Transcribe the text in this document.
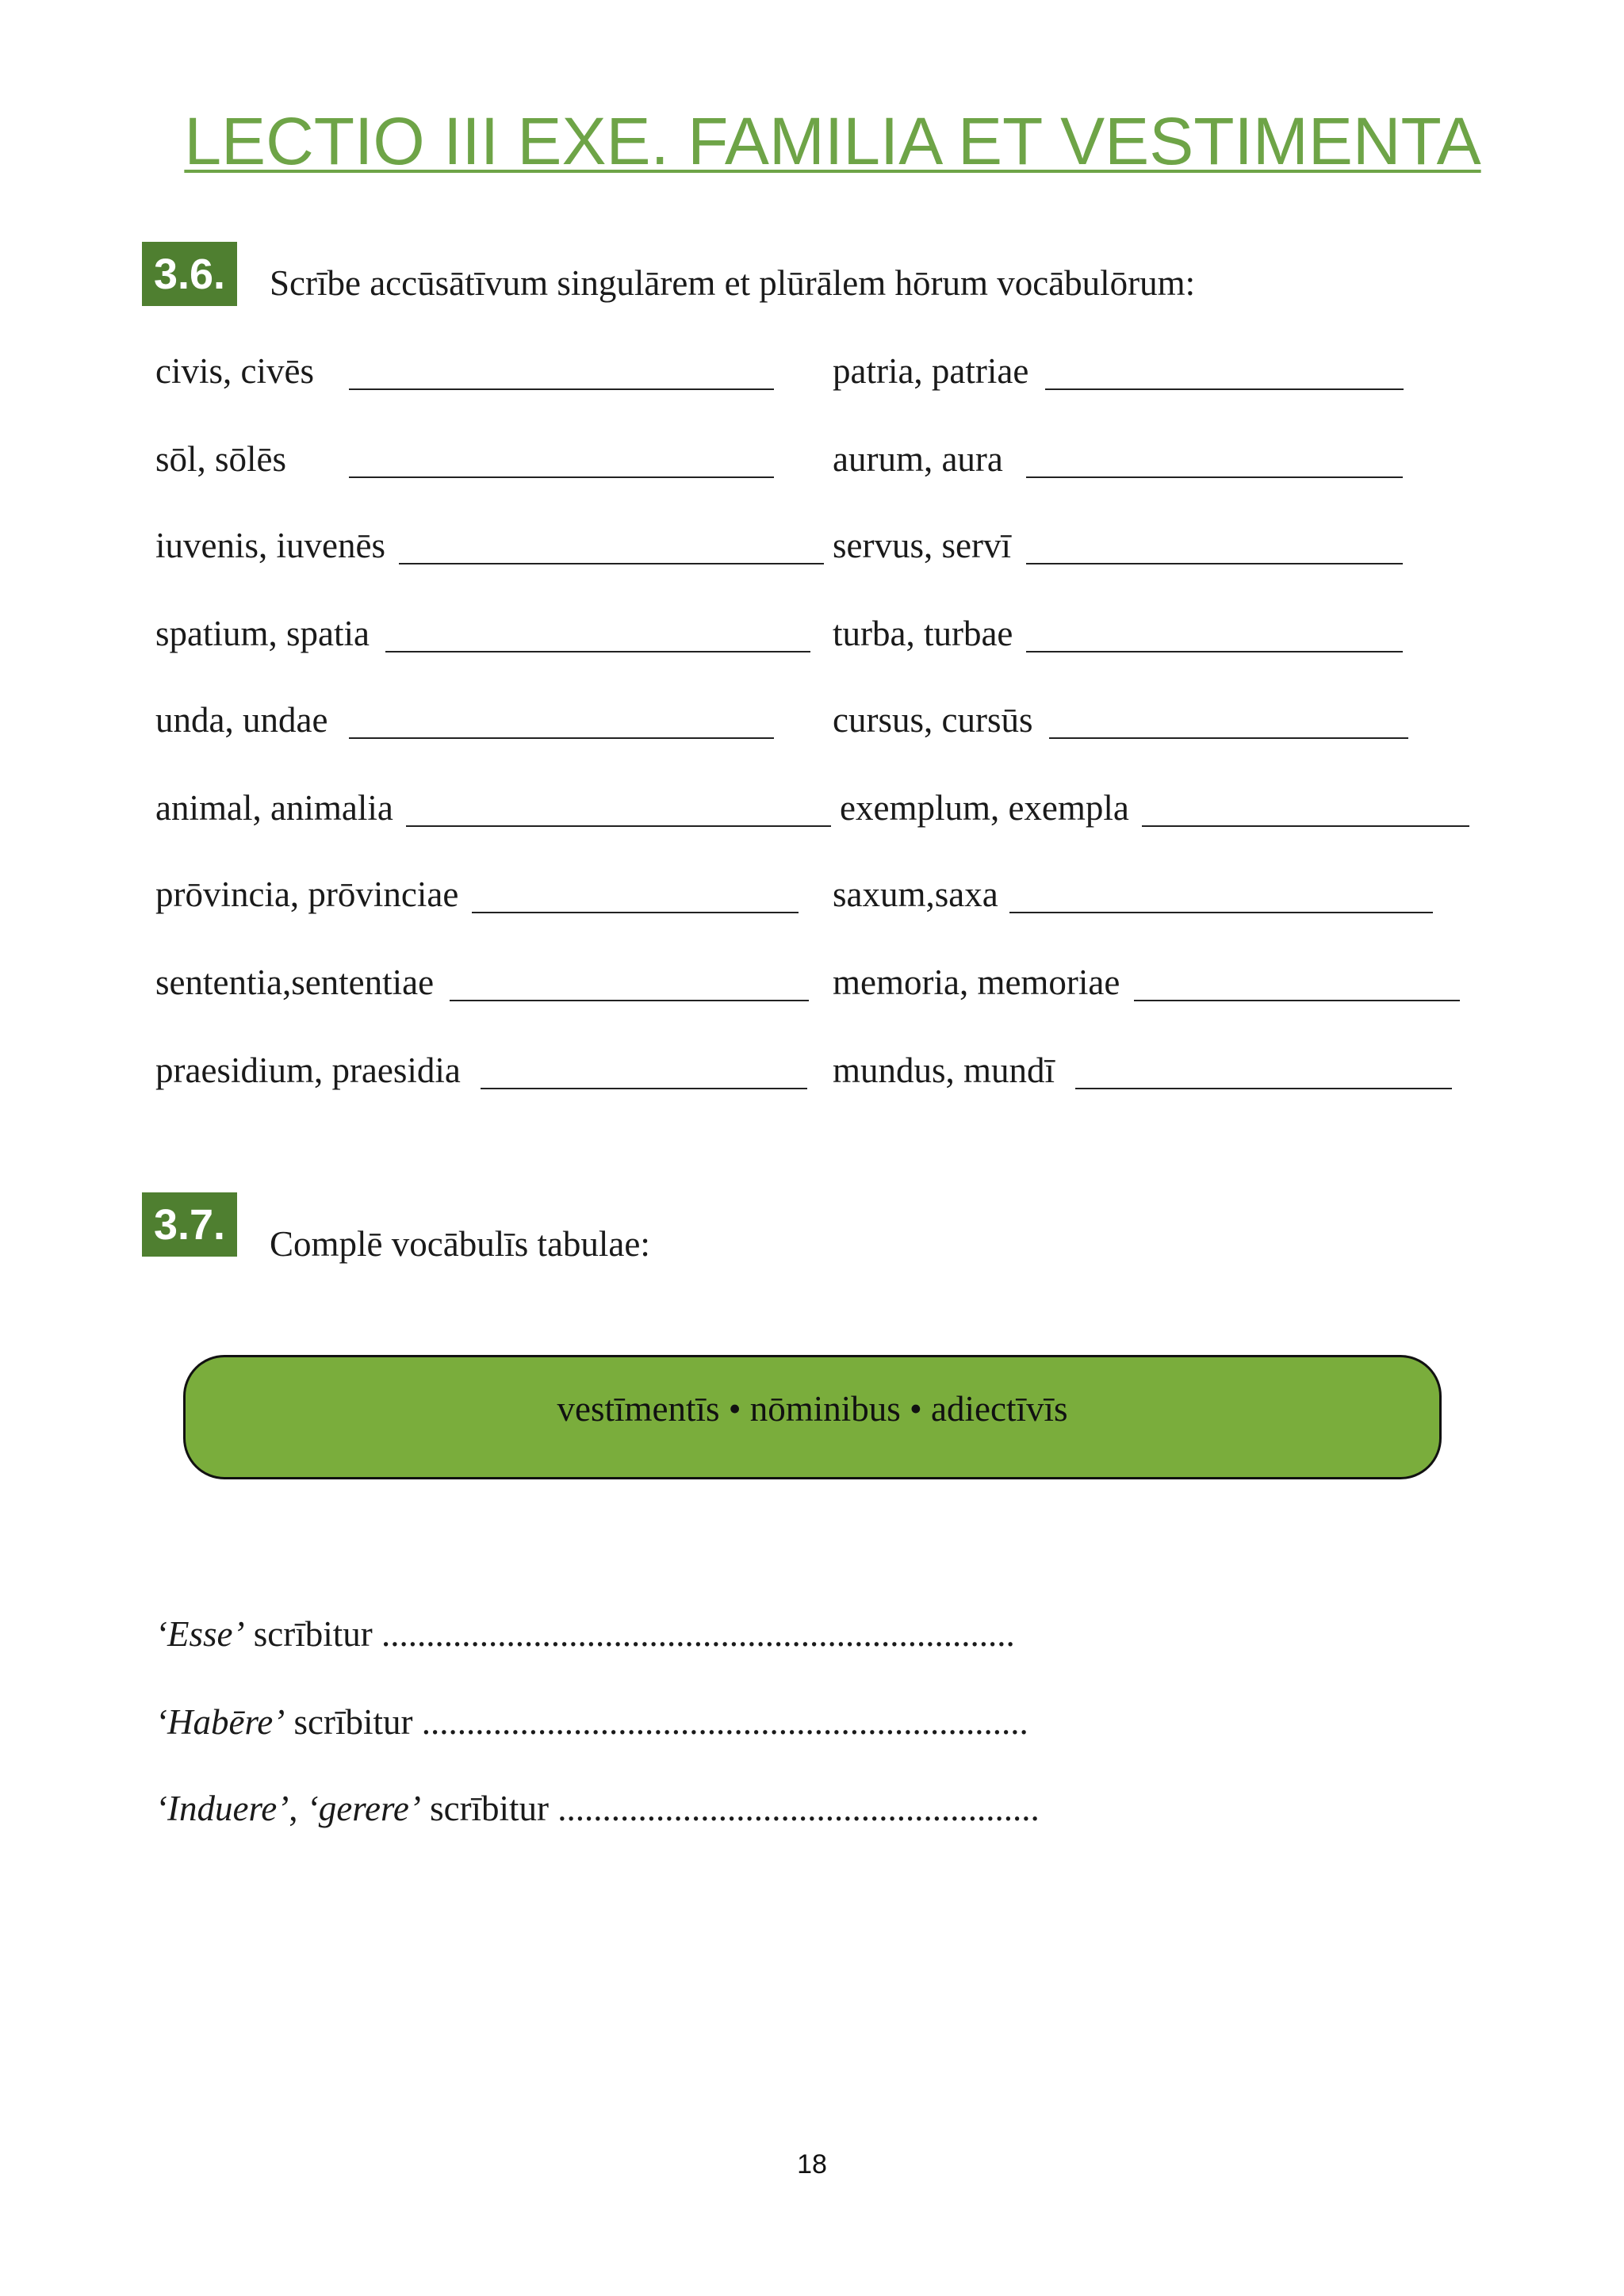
LECTIO III EXE. FAMILIA ET VESTIMENTA
3.6. Scrībe accūsātīvum singulārem et plūrālem hōrum vocābulōrum:
civis, civēs	patria, patriae
sōl, sōlēs	aurum, aura
iuvenis, iuvenēs	servus, servī
spatium, spatia	turba, turbae
unda, undae	cursus, cursūs
animal, animalia	exemplum, exempla
prōvincia, prōvinciae	saxum,saxa
sententia,sententiae	memoria, memoriae
praesidium, praesidia	mundus, mundī
3.7. Complē vocābulīs tabulae:
vestīmentīs • nōminibus • adiectīvīs
‘Esse’ scrībitur .......................................................................
‘Habēre’ scrībitur ....................................................................
‘Induere’, ‘gerere’ scrībitur ......................................................
18
